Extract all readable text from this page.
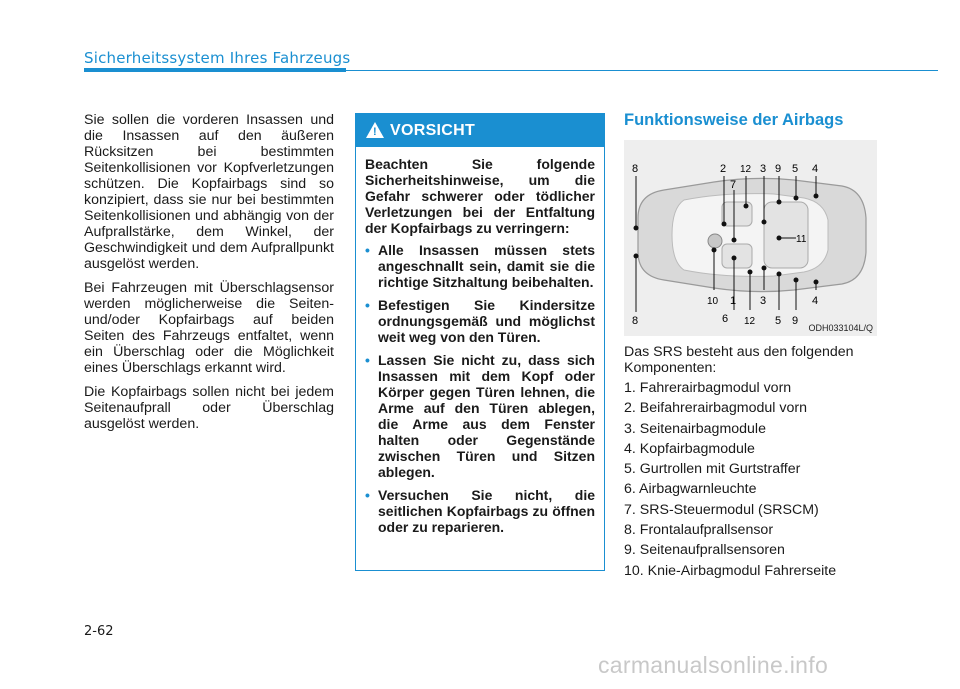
Sicherheitssystem Ihres Fahrzeugs

Sie sollen die vorderen Insassen und die Insassen auf den äußeren Rücksitzen bei bestimmten Seitenkollisionen vor Kopfverletzungen schützen. Die Kopfairbags sind so konzipiert, dass sie nur bei bestimmten Seitenkollisionen und abhängig von der Aufprallstärke, dem Winkel, der Geschwindigkeit und dem Aufprallpunkt ausgelöst werden.

Bei Fahrzeugen mit Überschlagsensor werden möglicherweise die Seiten- und/oder Kopfairbags auf beiden Seiten des Fahrzeugs entfaltet, wenn ein Überschlag oder die Möglichkeit eines Überschlags erkannt wird.

Die Kopfairbags sollen nicht bei jedem Seitenaufprall oder Überschlag ausgelöst werden.

! VORSICHT

Beachten Sie folgende Sicherheitshinweise, um die Gefahr schwerer oder tödlicher Verletzungen bei der Entfaltung der Kopfairbags zu verringern:

• Alle Insassen müssen stets angeschnallt sein, damit sie die richtige Sitzhaltung beibehalten.
• Befestigen Sie Kindersitze ordnungsgemäß und möglichst weit weg von den Türen.
• Lassen Sie nicht zu, dass sich Insassen mit dem Kopf oder Körper gegen Türen lehnen, die Arme auf den Türen ablegen, die Arme aus dem Fenster halten oder Gegenstände zwischen Türen und Sitzen ablegen.
• Versuchen Sie nicht, die seitlichen Kopfairbags zu öffnen oder zu reparieren.
Funktionsweise der Airbags
8	2 12 3 9 5 4
7
11
10 1 3	4
8	6 12 5 9
ODH033104L/Q

Das SRS besteht aus den folgenden Komponenten:

1. Fahrerairbagmodul vorn
2. Beifahrerairbagmodul vorn
3. Seitenairbagmodule
4. Kopfairbagmodule
5. Gurtrollen mit Gurtstraffer
6. Airbagwarnleuchte
7. SRS-Steuermodul (SRSCM)
8. Frontalaufprallsensor
9. Seitenaufprallsensoren
10. Knie-Airbagmodul Fahrerseite
2-62
carmanualsonline.info
